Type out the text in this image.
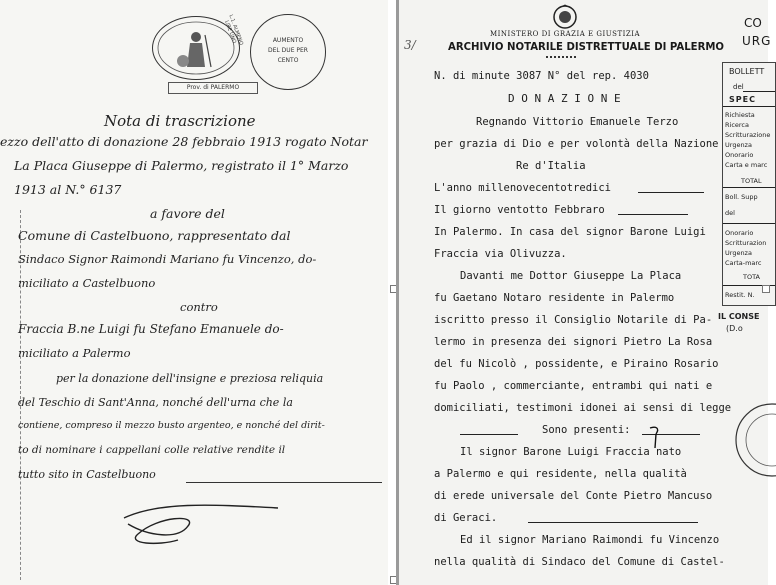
L.1. ALMENO LIRE UNO	AUMENTO
DEL DUE PER
CENTO
Prov. di PALERMO
Nota di trascrizione
ezzo dell'atto di donazione 28 febbraio 1913 rogato Notar
La Placa Giuseppe di Palermo, registrato il 1° Marzo
1913 al N.° 6137
a favore del
Comune di Castelbuono, rappresentato dal
Sindaco Signor Raimondi Mariano fu Vincenzo, do-
miciliato a Castelbuono
contro
Fraccia B.ne Luigi fu Stefano Emanuele do-
miciliato a Palermo
per la donazione dell'insigne e preziosa reliquia
del Teschio di Sant'Anna, nonché dell'urna che la
contiene, compreso il mezzo busto argenteo, e nonché del dirit-
to di nominare i cappellani colle relative rendite il
tutto sito in Castelbuono
MINISTERO DI GRAZIA E GIUSTIZIA
ARCHIVIO NOTARILE DISTRETTUALE DI PALERMO
CO
URG
3/
N. di minute 3087 N° del rep. 4030
D O N A Z I O N E
Regnando Vittorio Emanuele Terzo
per grazia di Dio e per volontà della Nazione
Re d'Italia
L'anno millenovecentotredici
Il giorno ventotto Febbraro
In Palermo. In casa del signor Barone Luigi
Fraccia via Olivuzza.
Davanti me Dottor Giuseppe La Placa
fu Gaetano Notaro residente in Palermo
iscritto presso il Consiglio Notarile di Pa-
lermo in presenza dei signori Pietro La Rosa
del fu Nicolò , possidente, e Piraino Rosario
fu Paolo , commerciante, entrambi qui nati e
domiciliati, testimoni idonei ai sensi di legge
Sono presenti:
Il signor Barone Luigi Fraccia nato
a Palermo e qui residente, nella qualità
di erede universale del Conte Pietro Mancuso
di Geraci.
Ed il signor Mariano Raimondi fu Vincenzo
nella qualità di Sindaco del Comune di Castel-
BOLLETT
del
SPEC
Richiesta
Ricerca
Scritturazione
Urgenza
Onorario
Carta e marc
TOTAL
Boll. Supp
del
Onorario
Scritturazion
Urgenza
Carta-marc
TOTA
Restit. N.
IL CONSE
(D.o
